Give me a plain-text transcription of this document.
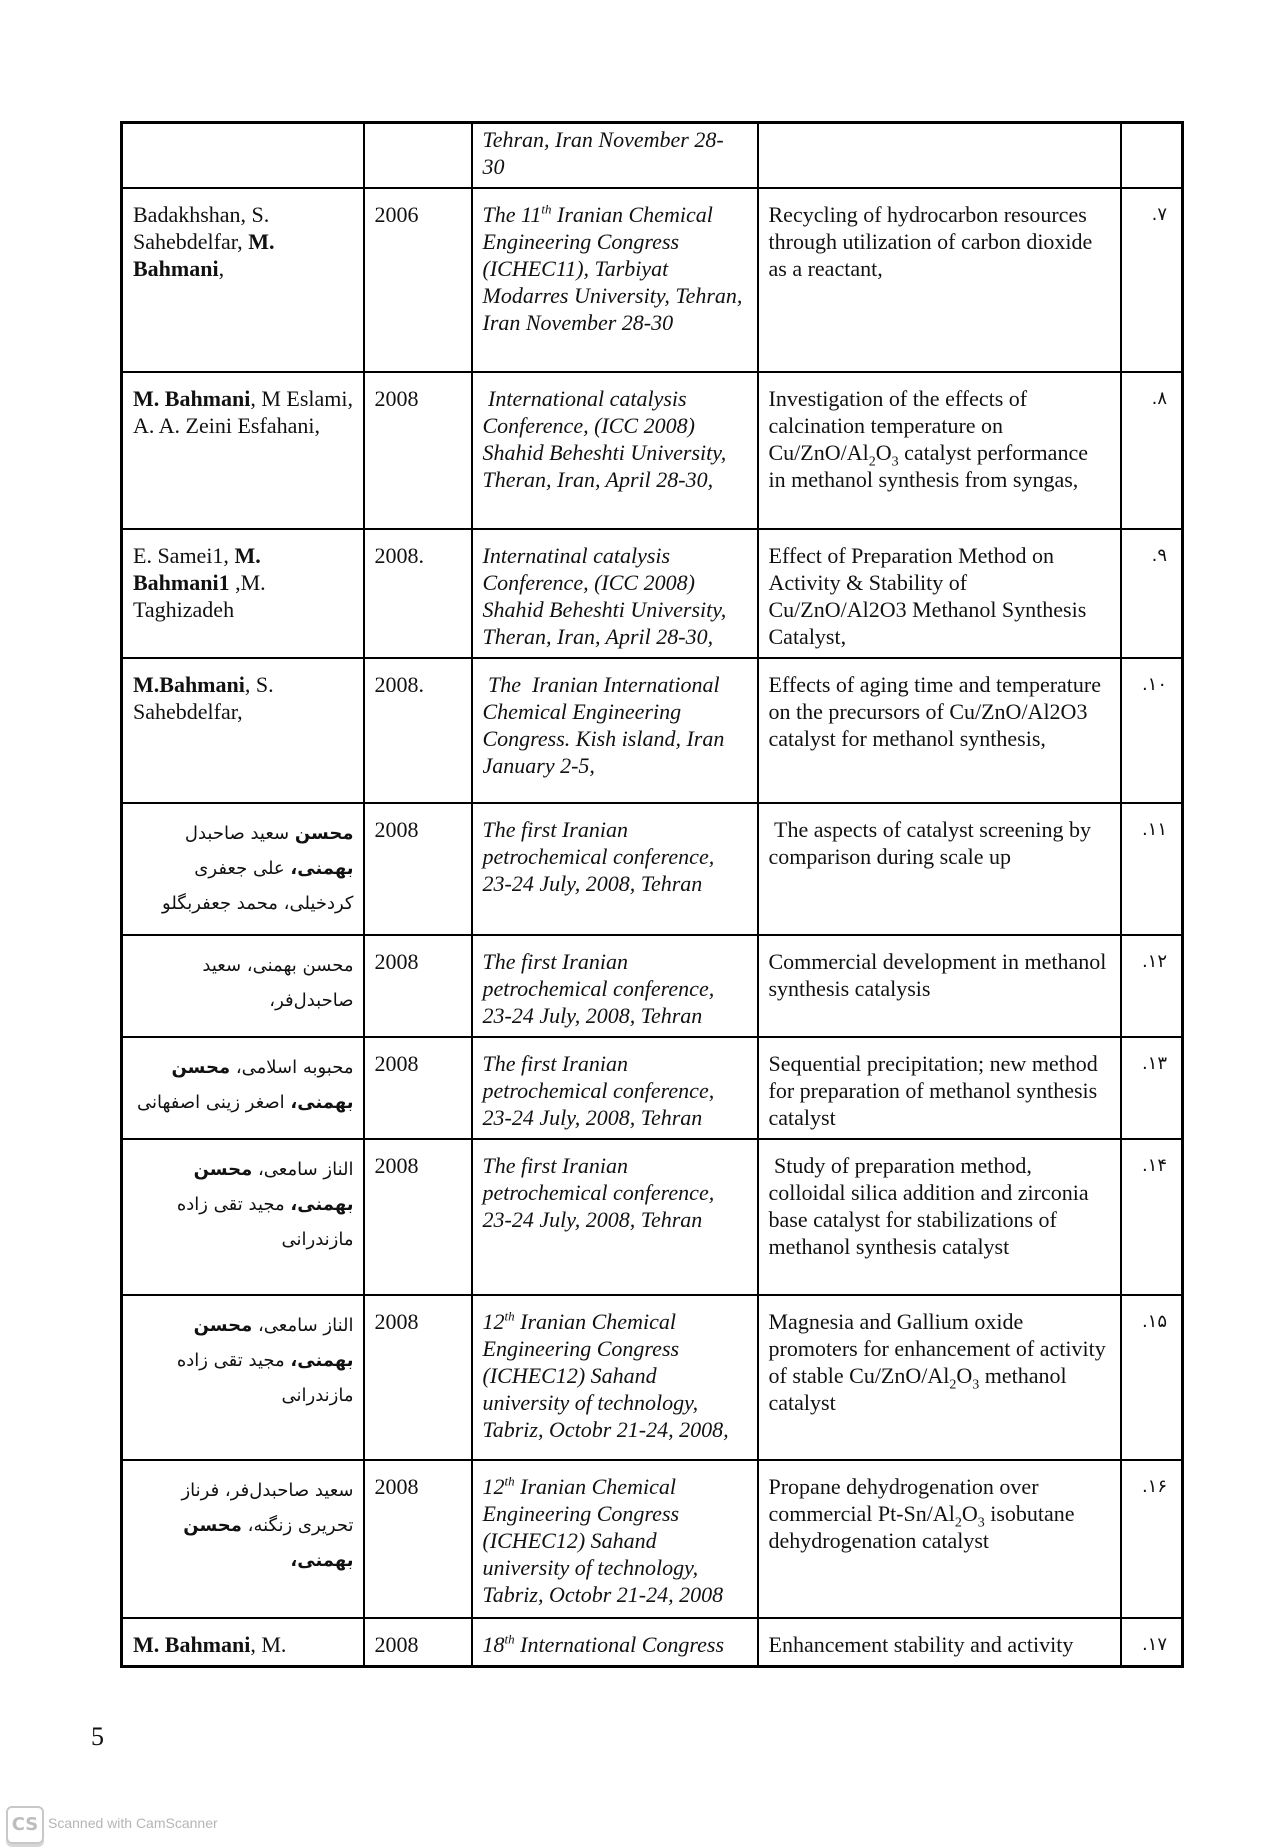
		Tehran, Iran November 28-
30		

Badakhshan, S. Sahebdelfar, M. Bahmani,	2006	The 11th Iranian Chemical Engineering Congress (ICHEC11), Tarbiyat Modarres University, Tehran, Iran November 28-30	Recycling of hydrocarbon resources through utilization of carbon dioxide as a reactant,	.۷
M. Bahmani, M Eslami, A. A. Zeini Esfahani,	2008	International catalysis Conference, (ICC 2008) Shahid Beheshti University, Theran, Iran, April 28-30,	Investigation of the effects of calcination temperature on $Cu/ZnO/Al_2O_3$ catalyst performance in methanol synthesis from syngas,	.۸
E. Samei1, M. Bahmani1 ,M. Taghizadeh	2008.	Internatinal catalysis Conference, (ICC 2008) Shahid Beheshti University, Theran, Iran, April 28-30,	Effect of Preparation Method on Activity & Stability of Cu/ZnO/Al2O3 Methanol Synthesis Catalyst,	.۹
M.Bahmani, S. Sahebdelfar,	2008.	The  Iranian International Chemical Engineering Congress. Kish island, Iran January 2-5,	Effects of aging time and temperature on the precursors of Cu/ZnO/Al2O3 catalyst for methanol synthesis,	.۱۰
محسن سعید صاحبدل بهمنی، علی جعفری کردخیلی، محمد جعفربگلو	2008	The first Iranian petrochemical conference, 23-24 July, 2008, Tehran	The aspects of catalyst screening by comparison during scale up	.۱۱
محسن بهمنی، سعید صاحبدل‌فر،	2008	The first Iranian petrochemical conference, 23-24 July, 2008, Tehran	Commercial development in methanol synthesis catalysis	.۱۲
محبوبه اسلامی، محسن بهمنی، اصغر زینی اصفهانی	2008	The first Iranian petrochemical conference, 23-24 July, 2008, Tehran	Sequential precipitation; new method for preparation of methanol synthesis catalyst	.۱۳
الناز سامعی، محسن بهمنی، مجید تقی زاده مازندرانی	2008	The first Iranian petrochemical conference, 23-24 July, 2008, Tehran	Study of preparation method, colloidal silica addition and zirconia base catalyst for stabilizations of methanol synthesis catalyst	.۱۴
الناز سامعی، محسن بهمنی، مجید تقی زاده مازندرانی	2008	12th Iranian Chemical Engineering Congress (ICHEC12) Sahand university of technology, Tabriz, Octobr 21-24, 2008,	Magnesia and Gallium oxide promoters for enhancement of activity of stable $Cu/ZnO/Al_2O_3$ methanol catalyst	.۱۵
سعید صاحبدل‌فر، فرناز تحریری زنگنه، محسن بهمنی،	2008	12th Iranian Chemical Engineering Congress (ICHEC12) Sahand university of technology, Tabriz, Octobr 21-24, 2008	Propane dehydrogenation over commercial $Pt-Sn/Al_2O_3$ isobutane dehydrogenation catalyst	.۱۶
M. Bahmani, M.	2008	18th International Congress	Enhancement stability and activity	.۱۷
5
CS Scanned with CamScanner
